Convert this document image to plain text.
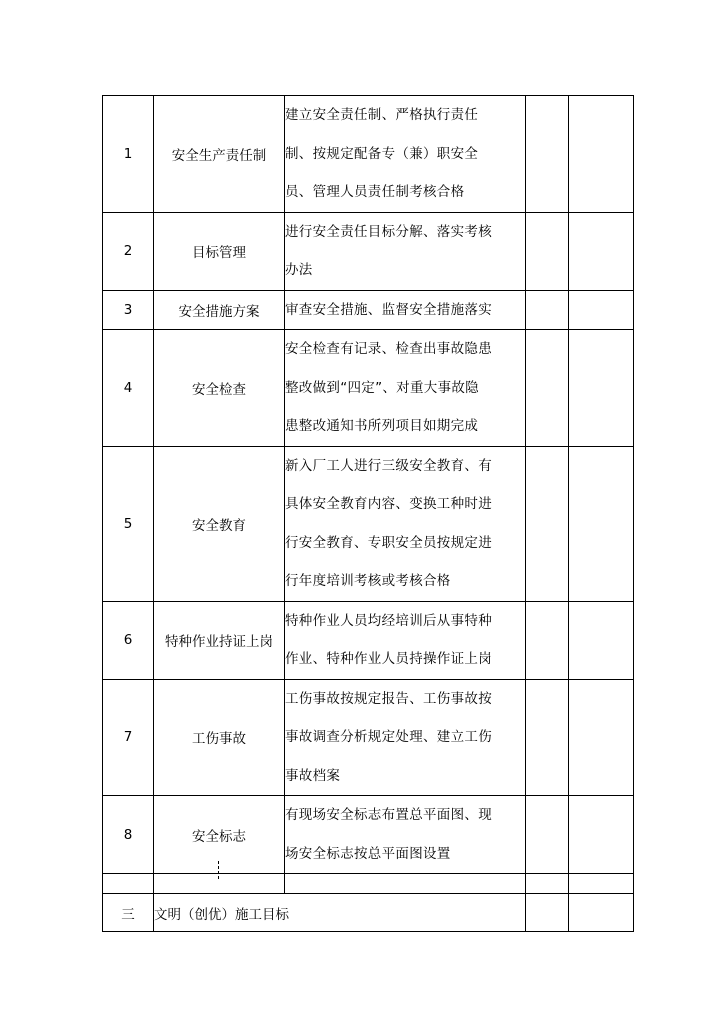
1	安全生产责任制	建立安全责任制、严格执行责任
制、按规定配备专（兼）职安全
员、管理人员责任制考核合格		

2	目标管理	进行安全责任目标分解、落实考核
办法		

3	安全措施方案	审查安全措施、监督安全措施落实		

4	安全检查	安全检查有记录、检查出事故隐患
整改做到“四定”、对重大事故隐
患整改通知书所列项目如期完成		

5	安全教育	新入厂工人进行三级安全教育、有
具体安全教育内容、变换工种时进
行安全教育、专职安全员按规定进
行年度培训考核或考核合格		

6	特种作业持证上岗	特种作业人员均经培训后从事特种
作业、特种作业人员持操作证上岗		

7	工伤事故	工伤事故按规定报告、工伤事故按
事故调查分析规定处理、建立工伤
事故档案		

8	安全标志	有现场安全标志布置总平面图、现
场安全标志按总平面图设置		

三	文明（创优）施工目标			
